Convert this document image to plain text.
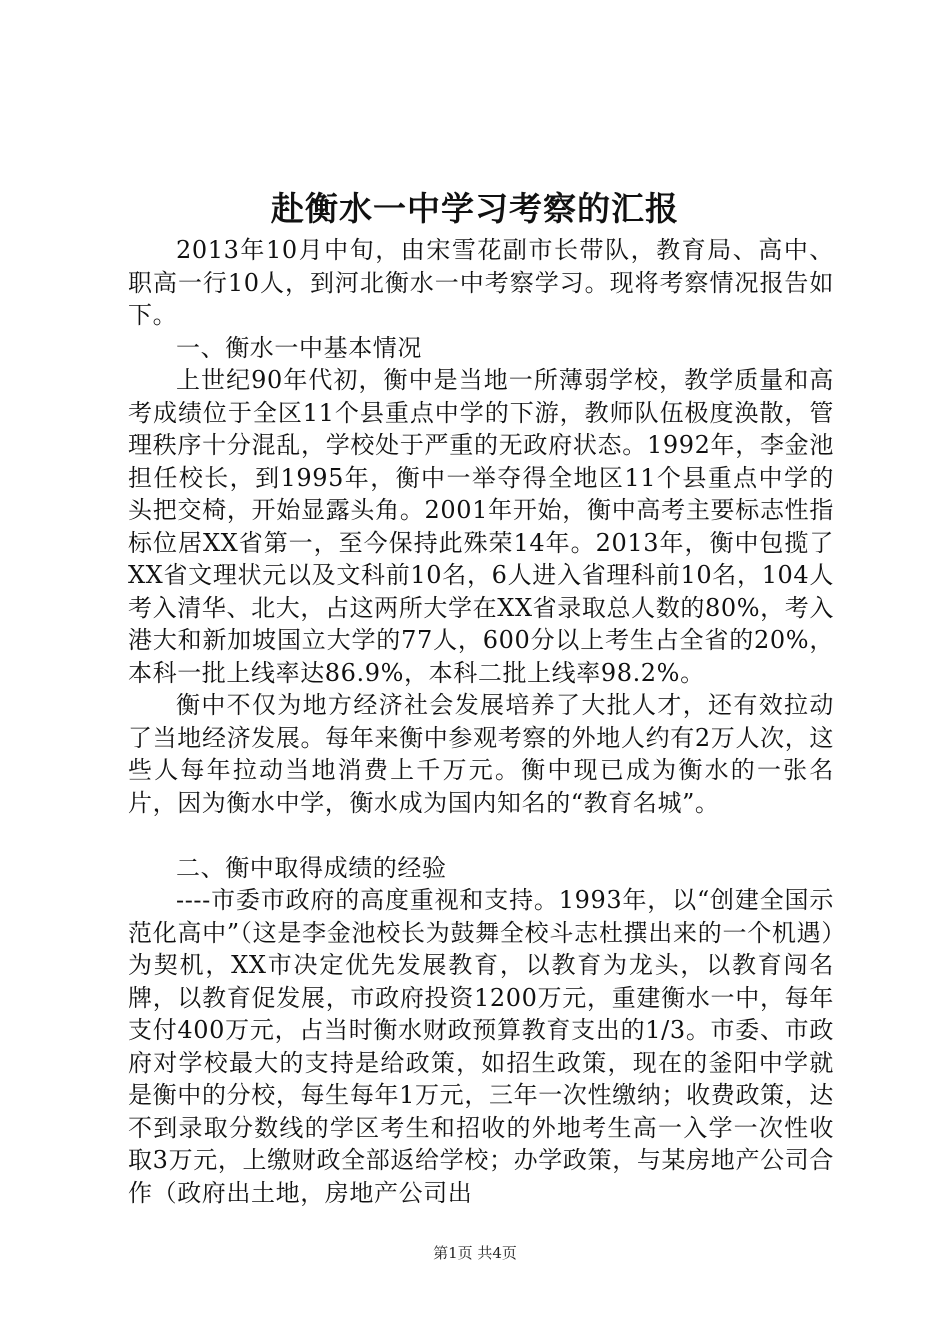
赴衡水一中学习考察的汇报

2013年10月中旬，由宋雪花副市长带队，教育局、高中、职高一行10人，到河北衡水一中考察学习。现将考察情况报告如下。

一、衡水一中基本情况

上世纪90年代初，衡中是当地一所薄弱学校，教学质量和高考成绩位于全区11个县重点中学的下游，教师队伍极度涣散，管理秩序十分混乱，学校处于严重的无政府状态。1992年，李金池担任校长，到1995年，衡中一举夺得全地区11个县重点中学的头把交椅，开始显露头角。2001年开始，衡中高考主要标志性指标位居XX省第一，至今保持此殊荣14年。2013年，衡中包揽了XX省文理状元以及文科前10名，6人进入省理科前10名，104人考入清华、北大，占这两所大学在XX省录取总人数的80%，考入港大和新加坡国立大学的77人，600分以上考生占全省的20%，本科一批上线率达86.9%，本科二批上线率98.2%。

衡中不仅为地方经济社会发展培养了大批人才，还有效拉动了当地经济发展。每年来衡中参观考察的外地人约有2万人次，这些人每年拉动当地消费上千万元。衡中现已成为衡水的一张名片，因为衡水中学，衡水成为国内知名的“教育名城”。

二、衡中取得成绩的经验

----市委市政府的高度重视和支持。1993年，以“创建全国示范化高中”（这是李金池校长为鼓舞全校斗志杜撰出来的一个机遇）为契机，XX市决定优先发展教育，以教育为龙头，以教育闯名牌，以教育促发展，市政府投资1200万元，重建衡水一中，每年支付400万元，占当时衡水财政预算教育支出的1/3。市委、市政府对学校最大的支持是给政策，如招生政策，现在的釜阳中学就是衡中的分校，每生每年1万元，三年一次性缴纳；收费政策，达不到录取分数线的学区考生和招收的外地考生高一入学一次性收取3万元，上缴财政全部返给学校；办学政策，与某房地产公司合作（政府出土地，房地产公司出

第1页 共4页
